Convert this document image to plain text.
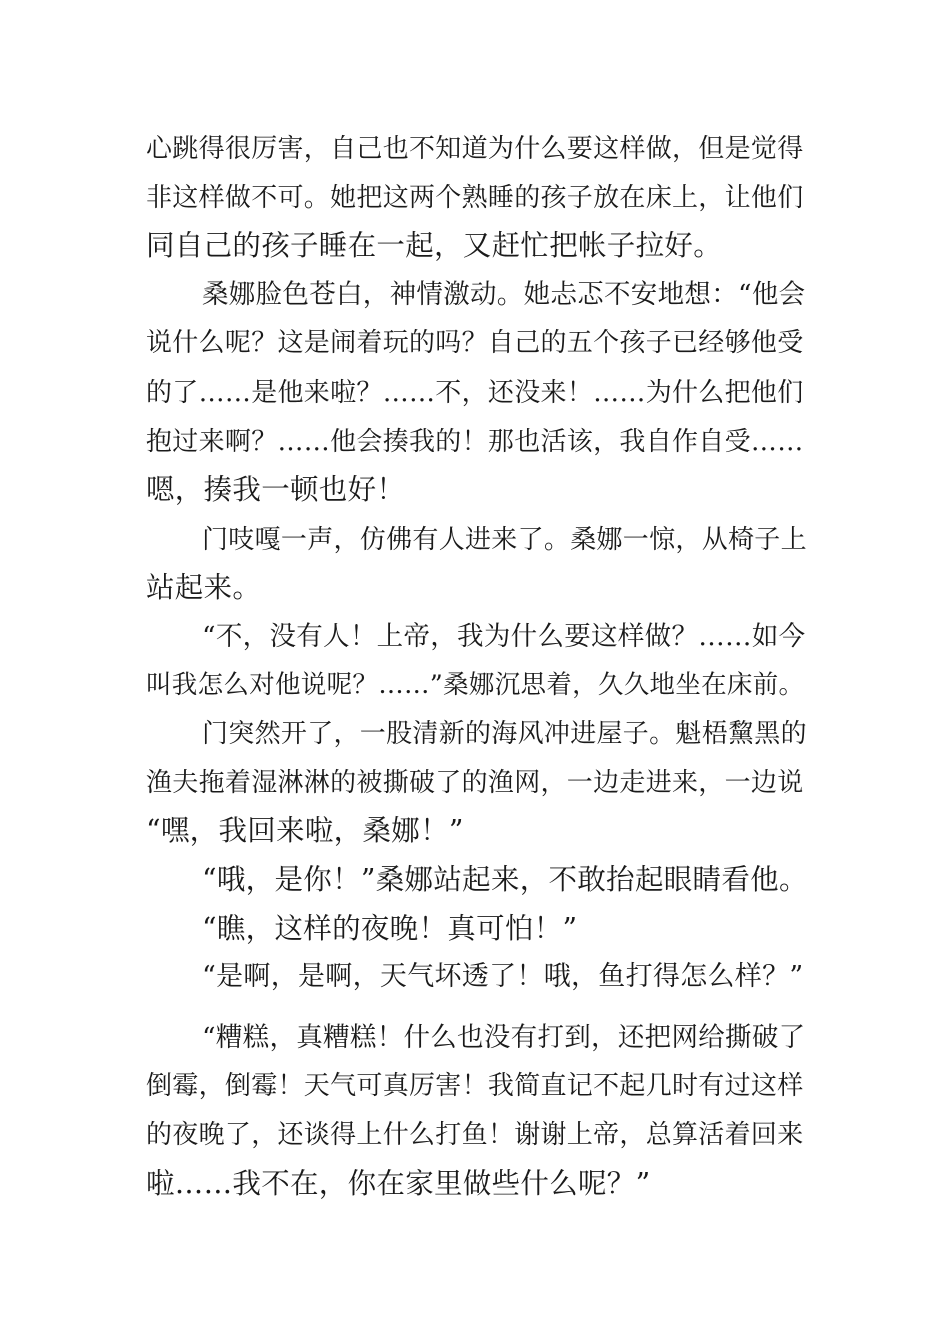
心跳得很厉害，自己也不知道为什么要这样做，但是觉得
非这样做不可。她把这两个熟睡的孩子放在床上，让他们
同自己的孩子睡在一起，又赶忙把帐子拉好。
桑娜脸色苍白，神情激动。她忐忑不安地想：“他会
说什么呢？这是闹着玩的吗？自己的五个孩子已经够他受
的了……是他来啦？……不，还没来！……为什么把他们
抱过来啊？……他会揍我的！那也活该，我自作自受……
嗯，揍我一顿也好！
门吱嘎一声，仿佛有人进来了。桑娜一惊，从椅子上
站起来。
“不，没有人！上帝，我为什么要这样做？……如今
叫我怎么对他说呢？……”桑娜沉思着，久久地坐在床前。
门突然开了，一股清新的海风冲进屋子。魁梧黧黑的
渔夫拖着湿淋淋的被撕破了的渔网，一边走进来，一边说
“嘿，我回来啦，桑娜！”
“哦，是你！”桑娜站起来，不敢抬起眼睛看他。
“瞧，这样的夜晚！真可怕！”
“是啊，是啊，天气坏透了！哦，鱼打得怎么样？”
“糟糕，真糟糕！什么也没有打到，还把网给撕破了
倒霉，倒霉！天气可真厉害！我简直记不起几时有过这样
的夜晚了，还谈得上什么打鱼！谢谢上帝，总算活着回来
啦……我不在，你在家里做些什么呢？”
